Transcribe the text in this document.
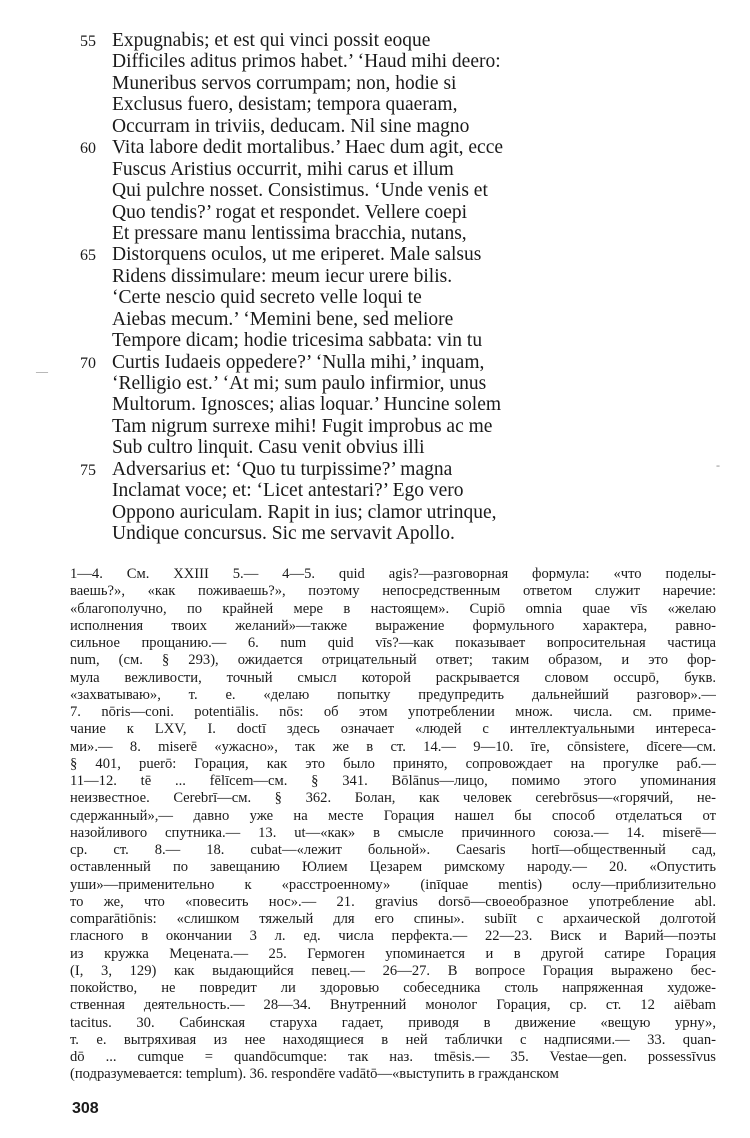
55 Expugnabis; et est qui vinci possit eoque
Difficiles aditus primos habet.’ ‘Haud mihi deero:
Muneribus servos corrumpam; non, hodie si
Exclusus fuero, desistam; tempora quaeram,
Occurram in triviis, deducam. Nil sine magno
60 Vita labore dedit mortalibus.’ Haec dum agit, ecce
Fuscus Aristius occurrit, mihi carus et illum
Qui pulchre nosset. Consistimus. ‘Unde venis et
Quo tendis?’ rogat et respondet. Vellere coepi
Et pressare manu lentissima bracchia, nutans,
65 Distorquens oculos, ut me eriperet. Male salsus
Ridens dissimulare: meum iecur urere bilis.
‘Certe nescio quid secreto velle loqui te
Aiebas mecum.’ ‘Memini bene, sed meliore
Tempore dicam; hodie tricesima sabbata: vin tu
70 Curtis Iudaeis oppedere?’ ‘Nulla mihi,’ inquam,
‘Relligio est.’ ‘At mi; sum paulo infirmior, unus
Multorum. Ignosces; alias loquar.’ Huncine solem
Tam nigrum surrexe mihi! Fugit improbus ac me
Sub cultro linquit. Casu venit obvius illi
75 Adversarius et: ‘Quo tu turpissime?’ magna
Inclamat voce; et: ‘Licet antestari?’ Ego vero
Oppono auriculam. Rapit in ius; clamor utrinque,
Undique concursus. Sic me servavit Apollo.
1—4. См. XXIII 5.— 4—5. quid agis?—разговорная формула: «что поделы-
ваешь?», «как поживаешь?», поэтому непосредственным ответом служит наречие:
«благополучно, по крайней мере в настоящем». Cupiō omnia quae vīs «желаю
исполнения твоих желаний»—также выражение формульного характера, равно-
сильное прощанию.— 6. num quid vīs?—как показывает вопросительная частица
num, (см. § 293), ожидается отрицательный ответ; таким образом, и это фор-
мула вежливости, точный смысл которой раскрывается словом occupō, букв.
«захватываю», т. е. «делаю попытку предупредить дальнейший разговор».—
7. nōris—coni. potentiālis. nōs: об этом употреблении множ. числа. см. приме-
чание к LXV, I. doctī здесь означает «людей с интеллектуальными интересa-
ми».— 8. miserē «ужасно», так же в ст. 14.— 9—10. īre, cōnsistere, dīcere—см.
§ 401, puerō: Горация, как это было принято, сопровождает на прогулке раб.—
11—12. tē ... fēlīcem—см. § 341. Bōlānus—лицо, помимо этого упоминания
неизвестное. Cerebrī—см. § 362. Болан, как человек cerebrōsus—«горячий, не-
сдержанный»,— давно уже на месте Горация нашел бы способ отделаться от
назойливого спутника.— 13. ut—«как» в смысле причинного союза.— 14. miserē—
ср. ст. 8.— 18. cubat—«лежит больной». Caesaris hortī—общественный сад,
оставленный по завещанию Юлием Цезарем римскому народу.— 20. «Опустить
уши»—применительно к «расстроенному» (inīquae mentis) ослу—приблизительно
то же, что «повесить нос».— 21. gravius dorsō—своеобразное употребление abl.
comparātiōnis: «слишком тяжелый для его спины». subiīt с архаической долготой
гласного в окончании 3 л. ед. числа перфекта.— 22—23. Виск и Варий—поэты
из кружка Мецената.— 25. Гермоген упоминается и в другой сатире Горация
(I, 3, 129) как выдающийся певец.— 26—27. В вопросе Горация выражено бес-
покойство, не повредит ли здоровью собеседника столь напряженная художе-
ственная деятельность.— 28—34. Внутренний монолог Горация, ср. ст. 12 aiēbam
tacitus. 30. Сабинская старуха гадает, приводя в движение «вещую урну»,
т. е. вытряхивая из нее находящиеся в ней таблички с надписями.— 33. quan-
dō ... cumque = quandōcumque: так наз. tmēsis.— 35. Vestae—gen. possessīvus
(подразумевается: templum). 36. respondēre vadātō—«выступить в гражданском
308
—
-
